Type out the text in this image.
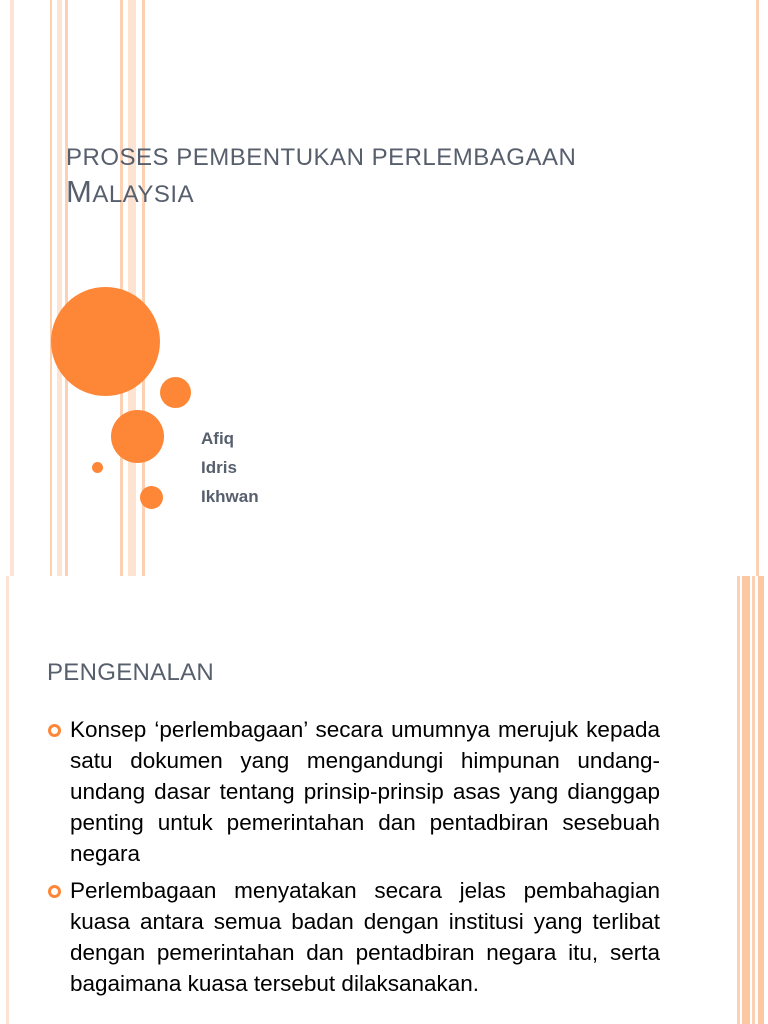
PROSES PEMBENTUKAN PERLEMBAGAAN
MALAYSIA
Afiq
Idris
Ikhwan
PENGENALAN
Konsep ‘perlembagaan’ secara umumnya merujuk kepada satu dokumen yang mengandungi himpunan undang-undang dasar tentang prinsip-prinsip asas yang dianggap penting untuk pemerintahan dan pentadbiran sesebuah negara
Perlembagaan menyatakan secara jelas pembahagian kuasa antara semua badan dengan institusi yang terlibat dengan pemerintahan dan pentadbiran negara itu, serta bagaimana kuasa tersebut dilaksanakan.
